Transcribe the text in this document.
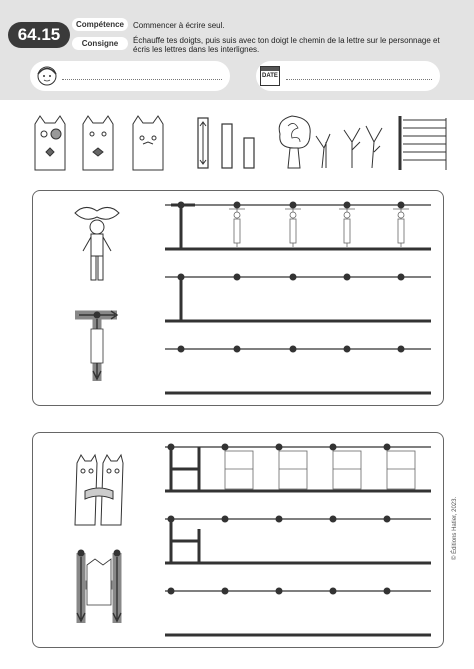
64.15
Compétence
Consigne
Commencer à écrire seul.
Échauffe tes doigts, puis suis avec ton doigt le chemin de la lettre sur le personnage et écris les lettres dans les interlignes.
DATE
© Éditions Hatier, 2023.
